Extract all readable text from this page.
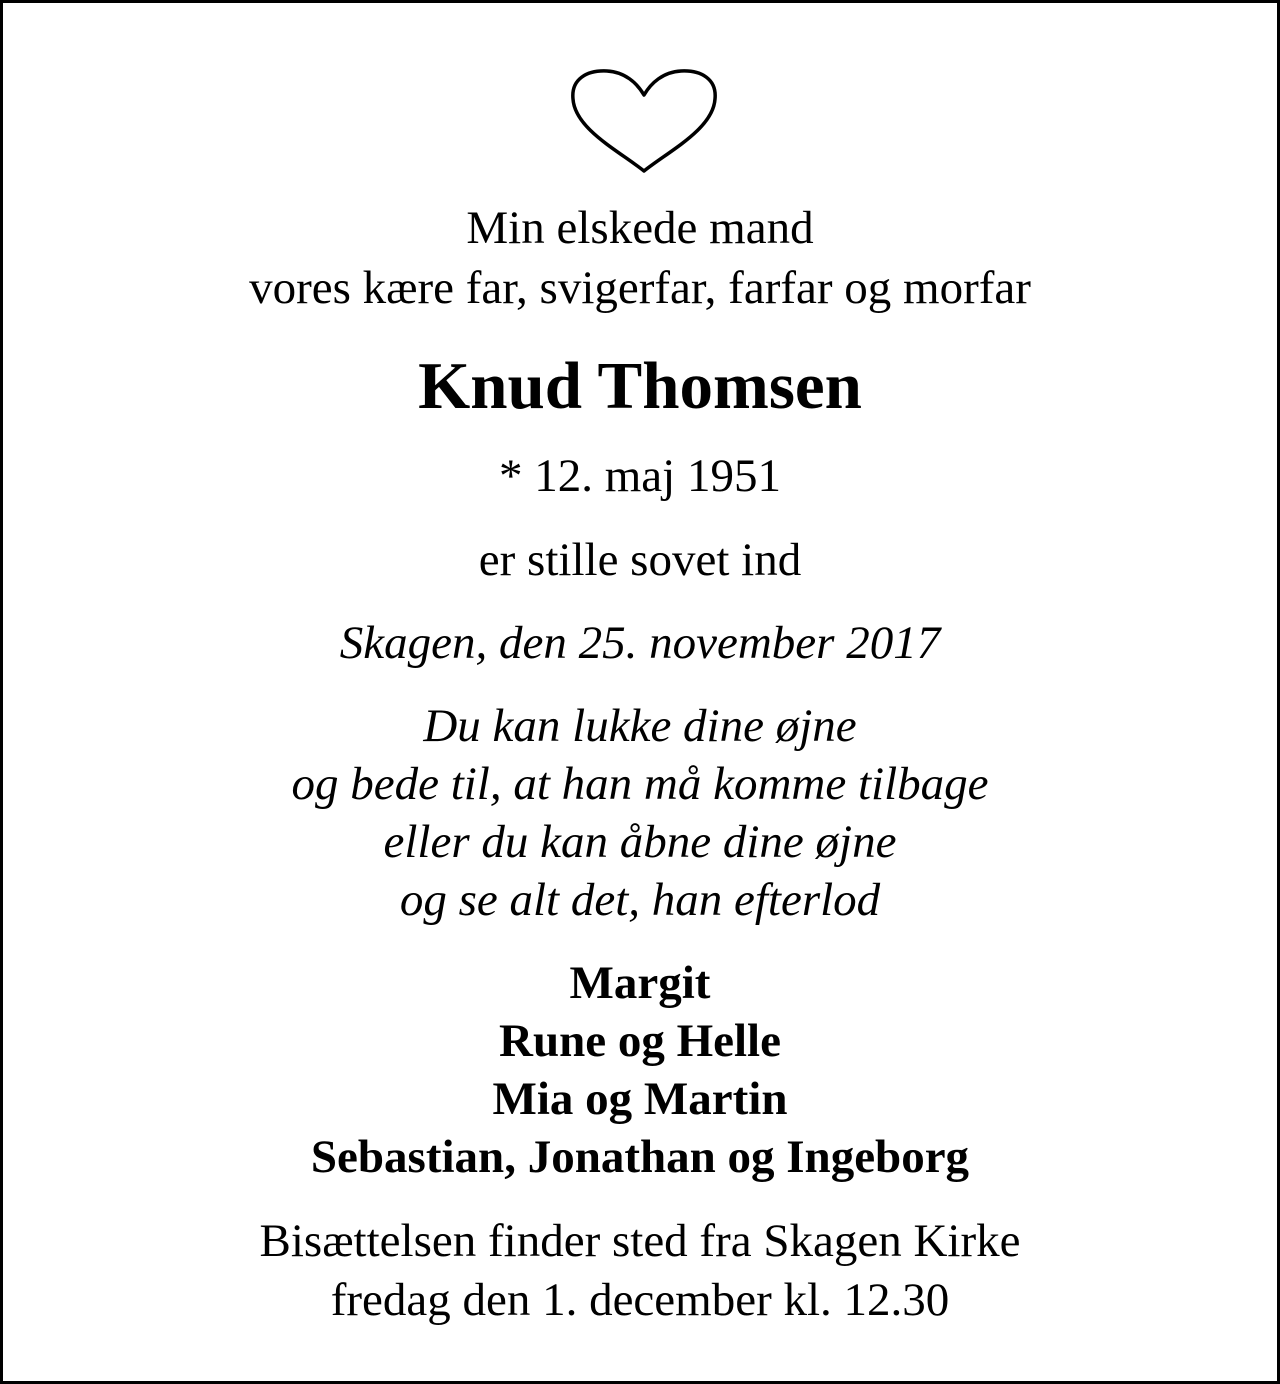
Min elskede mand
vores kære far, svigerfar, farfar og morfar
Knud Thomsen
* 12. maj 1951
er stille sovet ind
Skagen, den 25. november 2017
Du kan lukke dine øjne
og bede til, at han må komme tilbage
eller du kan åbne dine øjne
og se alt det, han efterlod
Margit
Rune og Helle
Mia og Martin
Sebastian, Jonathan og Ingeborg
Bisættelsen finder sted fra Skagen Kirke
fredag den 1. december kl. 12.30
